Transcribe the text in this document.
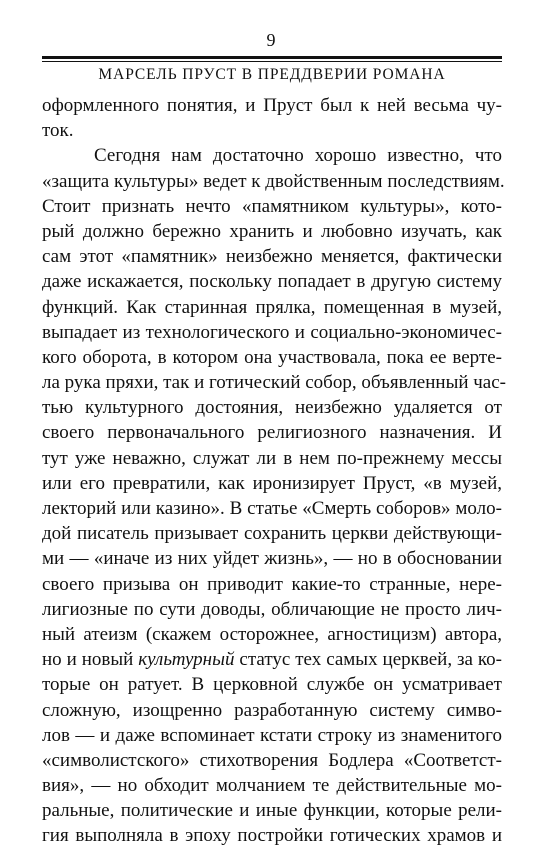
9
МАРСЕЛЬ ПРУСТ В ПРЕДДВЕРИИ РОМАНА
оформленного понятия, и Пруст был к ней весьма чу-
ток.
Сегодня нам достаточно хорошо известно, что
«защита культуры» ведет к двойственным последствиям.
Стоит признать нечто «памятником культуры», кото-
рый должно бережно хранить и любовно изучать, как
сам этот «памятник» неизбежно меняется, фактически
даже искажается, поскольку попадает в другую систему
функций. Как старинная прялка, помещенная в музей,
выпадает из технологического и социально-экономичес-
кого оборота, в котором она участвовала, пока ее верте-
ла рука пряхи, так и готический собор, объявленный час-
тью культурного достояния, неизбежно удаляется от
своего первоначального религиозного назначения. И
тут уже неважно, служат ли в нем по-прежнему мессы
или его превратили, как иронизирует Пруст, «в музей,
лекторий или казино». В статье «Смерть соборов» моло-
дой писатель призывает сохранить церкви действующи-
ми — «иначе из них уйдет жизнь», — но в обосновании
своего призыва он приводит какие-то странные, нере-
лигиозные по сути доводы, обличающие не просто лич-
ный атеизм (скажем осторожнее, агностицизм) автора,
но и новый культурный статус тех самых церквей, за ко-
торые он ратует. В церковной службе он усматривает
сложную, изощренно разработанную систему симво-
лов — и даже вспоминает кстати строку из знаменитого
«символистского» стихотворения Бодлера «Соответст-
вия», — но обходит молчанием те действительные мо-
ральные, политические и иные функции, которые рели-
гия выполняла в эпоху постройки готических храмов и
